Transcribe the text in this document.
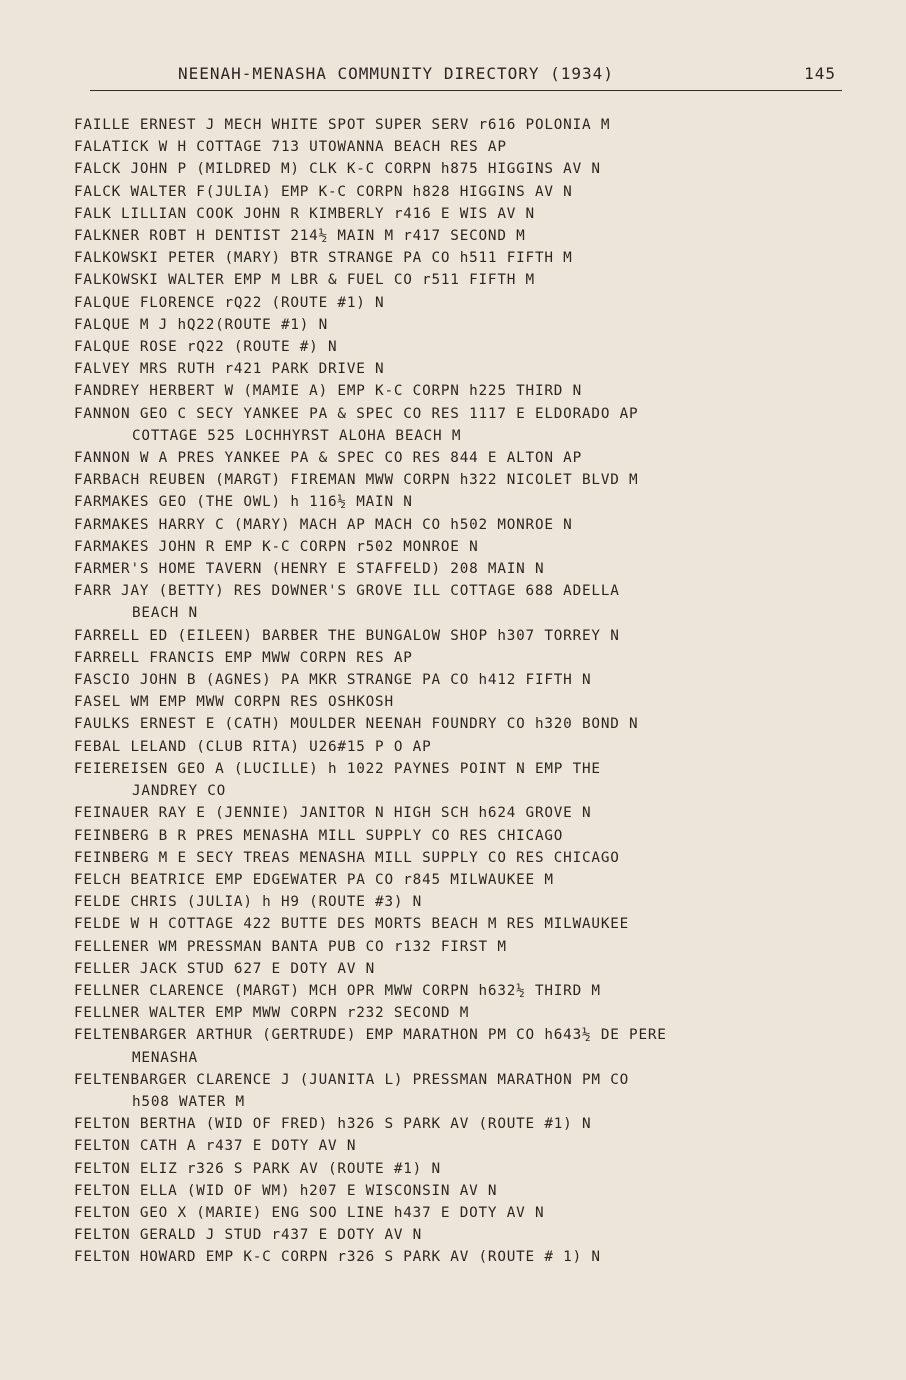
NEENAH-MENASHA COMMUNITY DIRECTORY (1934)	145
FAILLE ERNEST J MECH WHITE SPOT SUPER SERV r616 POLONIA M
FALATICK W H COTTAGE 713 UTOWANNA BEACH RES AP
FALCK JOHN P (MILDRED M) CLK K-C CORPN h875 HIGGINS AV N
FALCK WALTER F(JULIA) EMP K-C CORPN h828 HIGGINS AV N
FALK LILLIAN COOK JOHN R KIMBERLY r416 E WIS AV N
FALKNER ROBT H DENTIST 214½ MAIN M r417 SECOND M
FALKOWSKI PETER (MARY) BTR STRANGE PA CO h511 FIFTH M
FALKOWSKI WALTER EMP M LBR & FUEL CO r511 FIFTH M
FALQUE FLORENCE rQ22 (ROUTE #1) N
FALQUE M J hQ22(ROUTE #1) N
FALQUE ROSE rQ22 (ROUTE #) N
FALVEY MRS RUTH r421 PARK DRIVE N
FANDREY HERBERT W (MAMIE A) EMP K-C CORPN h225 THIRD N
FANNON GEO C SECY YANKEE PA & SPEC CO RES 1117 E ELDORADO AP
COTTAGE 525 LOCHHYRST ALOHA BEACH M
FANNON W A PRES YANKEE PA & SPEC CO RES 844 E ALTON AP
FARBACH REUBEN (MARGT) FIREMAN MWW CORPN h322 NICOLET BLVD M
FARMAKES GEO (THE OWL) h 116½ MAIN N
FARMAKES HARRY C (MARY) MACH AP MACH CO h502 MONROE N
FARMAKES JOHN R EMP K-C CORPN r502 MONROE N
FARMER'S HOME TAVERN (HENRY E STAFFELD) 208 MAIN N
FARR JAY (BETTY) RES DOWNER'S GROVE ILL COTTAGE 688 ADELLA
BEACH N
FARRELL ED (EILEEN) BARBER THE BUNGALOW SHOP h307 TORREY N
FARRELL FRANCIS EMP MWW CORPN RES AP
FASCIO JOHN B (AGNES) PA MKR STRANGE PA CO h412 FIFTH N
FASEL WM EMP MWW CORPN RES OSHKOSH
FAULKS ERNEST E (CATH) MOULDER NEENAH FOUNDRY CO h320 BOND N
FEBAL LELAND (CLUB RITA) U26#15 P O AP
FEIEREISEN GEO A (LUCILLE) h 1022 PAYNES POINT N EMP THE
JANDREY CO
FEINAUER RAY E (JENNIE) JANITOR N HIGH SCH h624 GROVE N
FEINBERG B R PRES MENASHA MILL SUPPLY CO RES CHICAGO
FEINBERG M E SECY TREAS MENASHA MILL SUPPLY CO RES CHICAGO
FELCH BEATRICE EMP EDGEWATER PA CO r845 MILWAUKEE M
FELDE CHRIS (JULIA) h H9 (ROUTE #3) N
FELDE W H COTTAGE 422 BUTTE DES MORTS BEACH M RES MILWAUKEE
FELLENER WM PRESSMAN BANTA PUB CO r132 FIRST M
FELLER JACK STUD 627 E DOTY AV N
FELLNER CLARENCE (MARGT) MCH OPR MWW CORPN h632½ THIRD M
FELLNER WALTER EMP MWW CORPN r232 SECOND M
FELTENBARGER ARTHUR (GERTRUDE) EMP MARATHON PM CO h643½ DE PERE
MENASHA
FELTENBARGER CLARENCE J (JUANITA L) PRESSMAN MARATHON PM CO
h508 WATER M
FELTON BERTHA (WID OF FRED) h326 S PARK AV (ROUTE #1) N
FELTON CATH A r437 E DOTY AV N
FELTON ELIZ r326 S PARK AV (ROUTE #1) N
FELTON ELLA (WID OF WM) h207 E WISCONSIN AV N
FELTON GEO X (MARIE) ENG SOO LINE h437 E DOTY AV N
FELTON GERALD J STUD r437 E DOTY AV N
FELTON HOWARD EMP K-C CORPN r326 S PARK AV (ROUTE # 1) N
